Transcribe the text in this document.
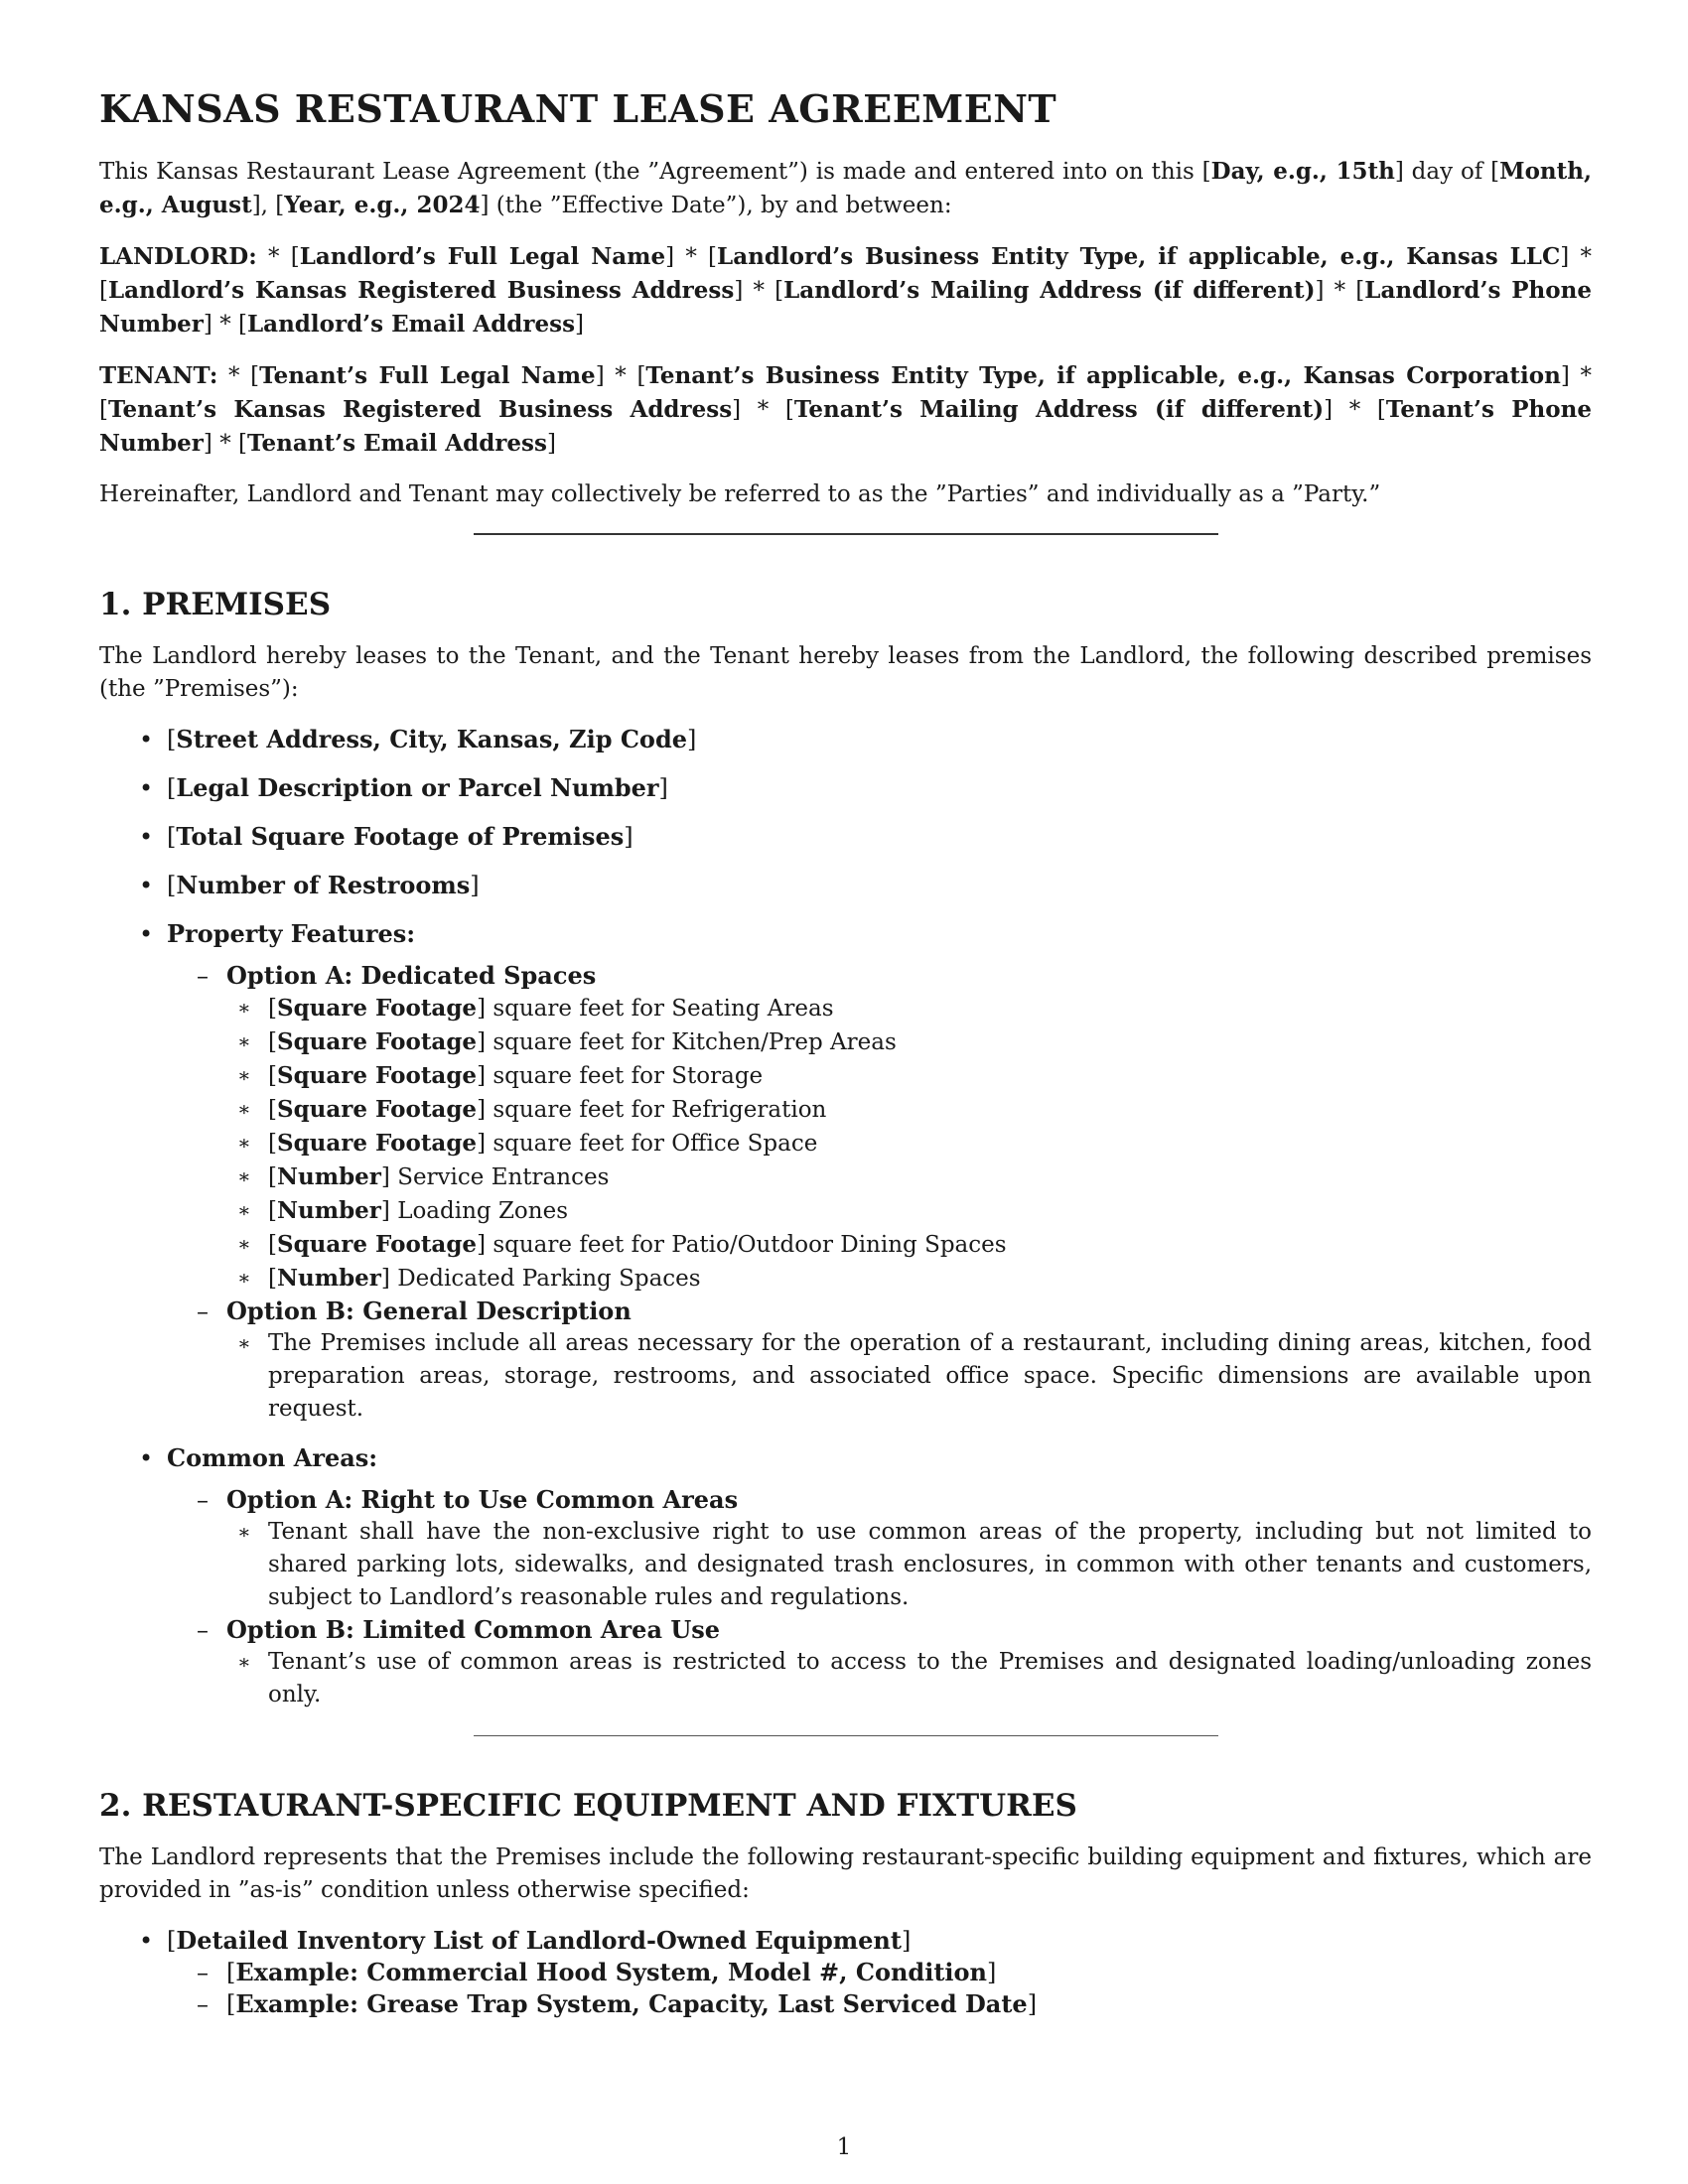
KANSAS RESTAURANT LEASE AGREEMENT

This Kansas Restaurant Lease Agreement (the ”Agreement”) is made and entered into on this [Day, e.g., 15th] day of [Month, e.g., August], [Year, e.g., 2024] (the ”Effective Date”), by and between:

LANDLORD: * [Landlord’s Full Legal Name] * [Landlord’s Business Entity Type, if applicable, e.g., Kansas LLC] * [Landlord’s Kansas Registered Business Address] * [Landlord’s Mailing Address (if different)] * [Landlord’s Phone Number] * [Landlord’s Email Address]

TENANT: * [Tenant’s Full Legal Name] * [Tenant’s Business Entity Type, if applicable, e.g., Kansas Corporation] * [Tenant’s Kansas Registered Business Address] * [Tenant’s Mailing Address (if different)] * [Tenant’s Phone Number] * [Tenant’s Email Address]

Hereinafter, Landlord and Tenant may collectively be referred to as the ”Parties” and individually as a ”Party.”

1. PREMISES

The Landlord hereby leases to the Tenant, and the Tenant hereby leases from the Landlord, the following described premises (the ”Premises”):

• [Street Address, City, Kansas, Zip Code]
• [Legal Description or Parcel Number]
• [Total Square Footage of Premises]
• [Number of Restrooms]
• Property Features:
– Option A: Dedicated Spaces
∗ [Square Footage] square feet for Seating Areas
∗ [Square Footage] square feet for Kitchen/Prep Areas
∗ [Square Footage] square feet for Storage
∗ [Square Footage] square feet for Refrigeration
∗ [Square Footage] square feet for Office Space
∗ [Number] Service Entrances
∗ [Number] Loading Zones
∗ [Square Footage] square feet for Patio/Outdoor Dining Spaces
∗ [Number] Dedicated Parking Spaces
– Option B: General Description
∗ The Premises include all areas necessary for the operation of a restaurant, including dining areas, kitchen, food preparation areas, storage, restrooms, and associated office space. Specific dimensions are available upon request.
• Common Areas:
– Option A: Right to Use Common Areas
∗ Tenant shall have the non-exclusive right to use common areas of the property, including but not limited to shared parking lots, sidewalks, and designated trash enclosures, in common with other tenants and customers, subject to Landlord’s reasonable rules and regulations.
– Option B: Limited Common Area Use
∗ Tenant’s use of common areas is restricted to access to the Premises and designated loading/unloading zones only.
2. RESTAURANT-SPECIFIC EQUIPMENT AND FIXTURES

The Landlord represents that the Premises include the following restaurant-specific building equipment and fixtures, which are provided in ”as-is” condition unless otherwise specified:

• [Detailed Inventory List of Landlord-Owned Equipment]
– [Example: Commercial Hood System, Model #, Condition]
– [Example: Grease Trap System, Capacity, Last Serviced Date]
1
